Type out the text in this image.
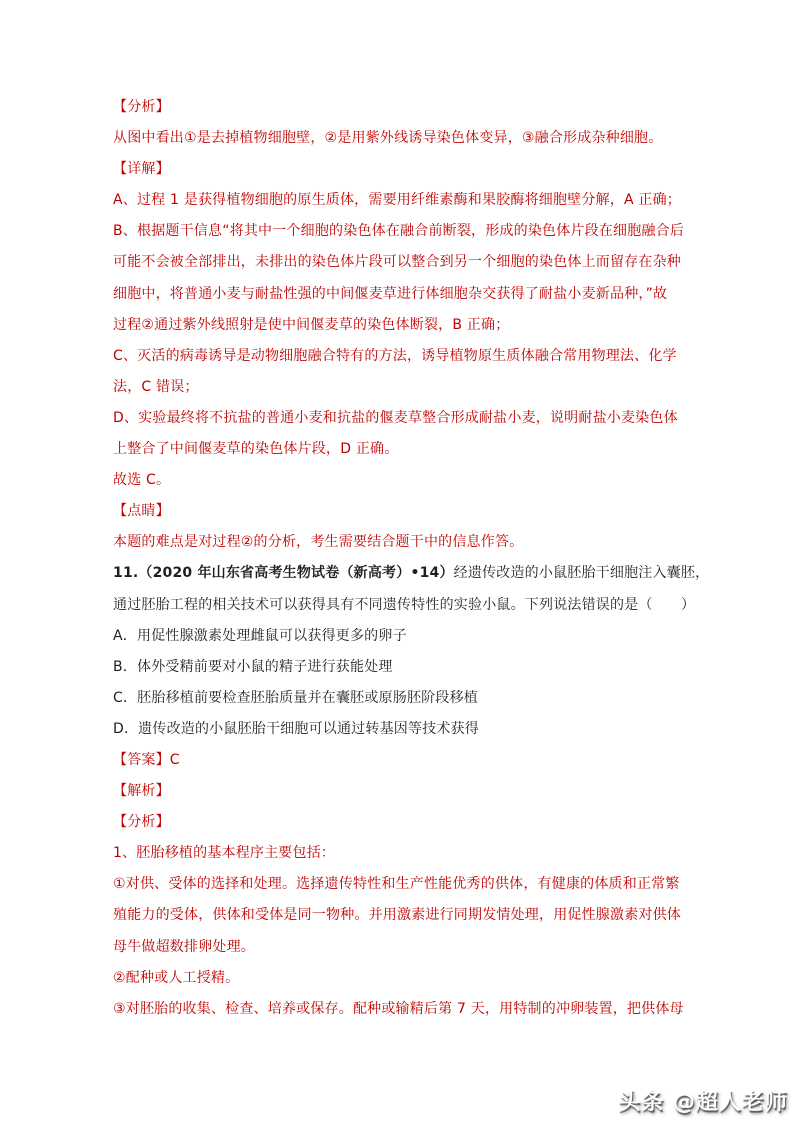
【分析】
从图中看出①是去掉植物细胞壁，②是用紫外线诱导染色体变异，③融合形成杂种细胞。
【详解】
A、过程 1 是获得植物细胞的原生质体，需要用纤维素酶和果胶酶将细胞壁分解，A 正确；
B、根据题干信息“将其中一个细胞的染色体在融合前断裂，形成的染色体片段在细胞融合后
可能不会被全部排出，未排出的染色体片段可以整合到另一个细胞的染色体上而留存在杂种
细胞中，将普通小麦与耐盐性强的中间偃麦草进行体细胞杂交获得了耐盐小麦新品种，”故
过程②通过紫外线照射是使中间偃麦草的染色体断裂，B 正确；
C、灭活的病毒诱导是动物细胞融合特有的方法，诱导植物原生质体融合常用物理法、化学
法，C 错误；
D、实验最终将不抗盐的普通小麦和抗盐的偃麦草整合形成耐盐小麦，说明耐盐小麦染色体
上整合了中间偃麦草的染色体片段，D 正确。
故选 C。
【点睛】
本题的难点是对过程②的分析，考生需要结合题干中的信息作答。
11.（2020 年山东省高考生物试卷（新高考）•14）经遗传改造的小鼠胚胎干细胞注入囊胚，
通过胚胎工程的相关技术可以获得具有不同遗传特性的实验小鼠。下列说法错误的是（　　）
A．用促性腺激素处理雌鼠可以获得更多的卵子
B．体外受精前要对小鼠的精子进行获能处理
C．胚胎移植前要检查胚胎质量并在囊胚或原肠胚阶段移植
D．遗传改造的小鼠胚胎干细胞可以通过转基因等技术获得
【答案】C
【解析】
【分析】
1、胚胎移植的基本程序主要包括：
①对供、受体的选择和处理。选择遗传特性和生产性能优秀的供体，有健康的体质和正常繁
殖能力的受体，供体和受体是同一物种。并用激素进行同期发情处理，用促性腺激素对供体
母牛做超数排卵处理。
②配种或人工授精。
③对胚胎的收集、检查、培养或保存。配种或输精后第 7 天，用特制的冲卵装置，把供体母
头条 @超人老师
